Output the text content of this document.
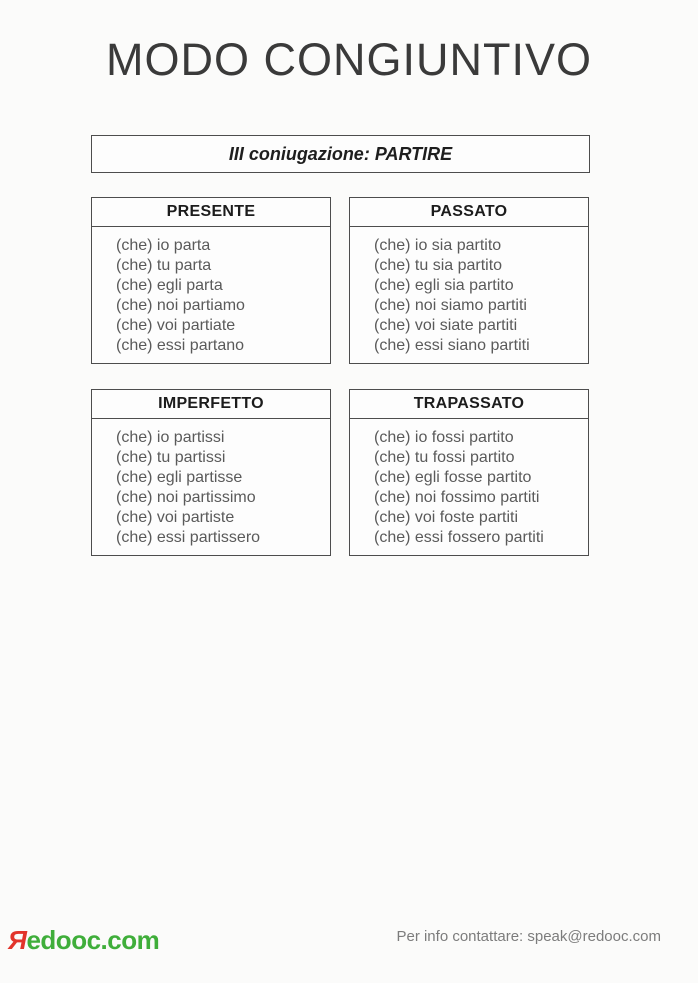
MODO CONGIUNTIVO
III coniugazione: PARTIRE
PRESENTE
(che) io parta
(che) tu parta
(che) egli parta
(che) noi partiamo
(che) voi partiate
(che) essi partano
PASSATO
(che) io sia partito
(che) tu sia partito
(che) egli sia partito
(che) noi siamo partiti
(che) voi siate partiti
(che) essi siano partiti
IMPERFETTO
(che) io partissi
(che) tu partissi
(che) egli partisse
(che) noi partissimo
(che) voi partiste
(che) essi partissero
TRAPASSATO
(che) io fossi partito
(che) tu fossi partito
(che) egli fosse partito
(che) noi fossimo partiti
(che) voi foste partiti
(che) essi fossero partiti
Яedooc.com	Per info contattare: speak@redooc.com
